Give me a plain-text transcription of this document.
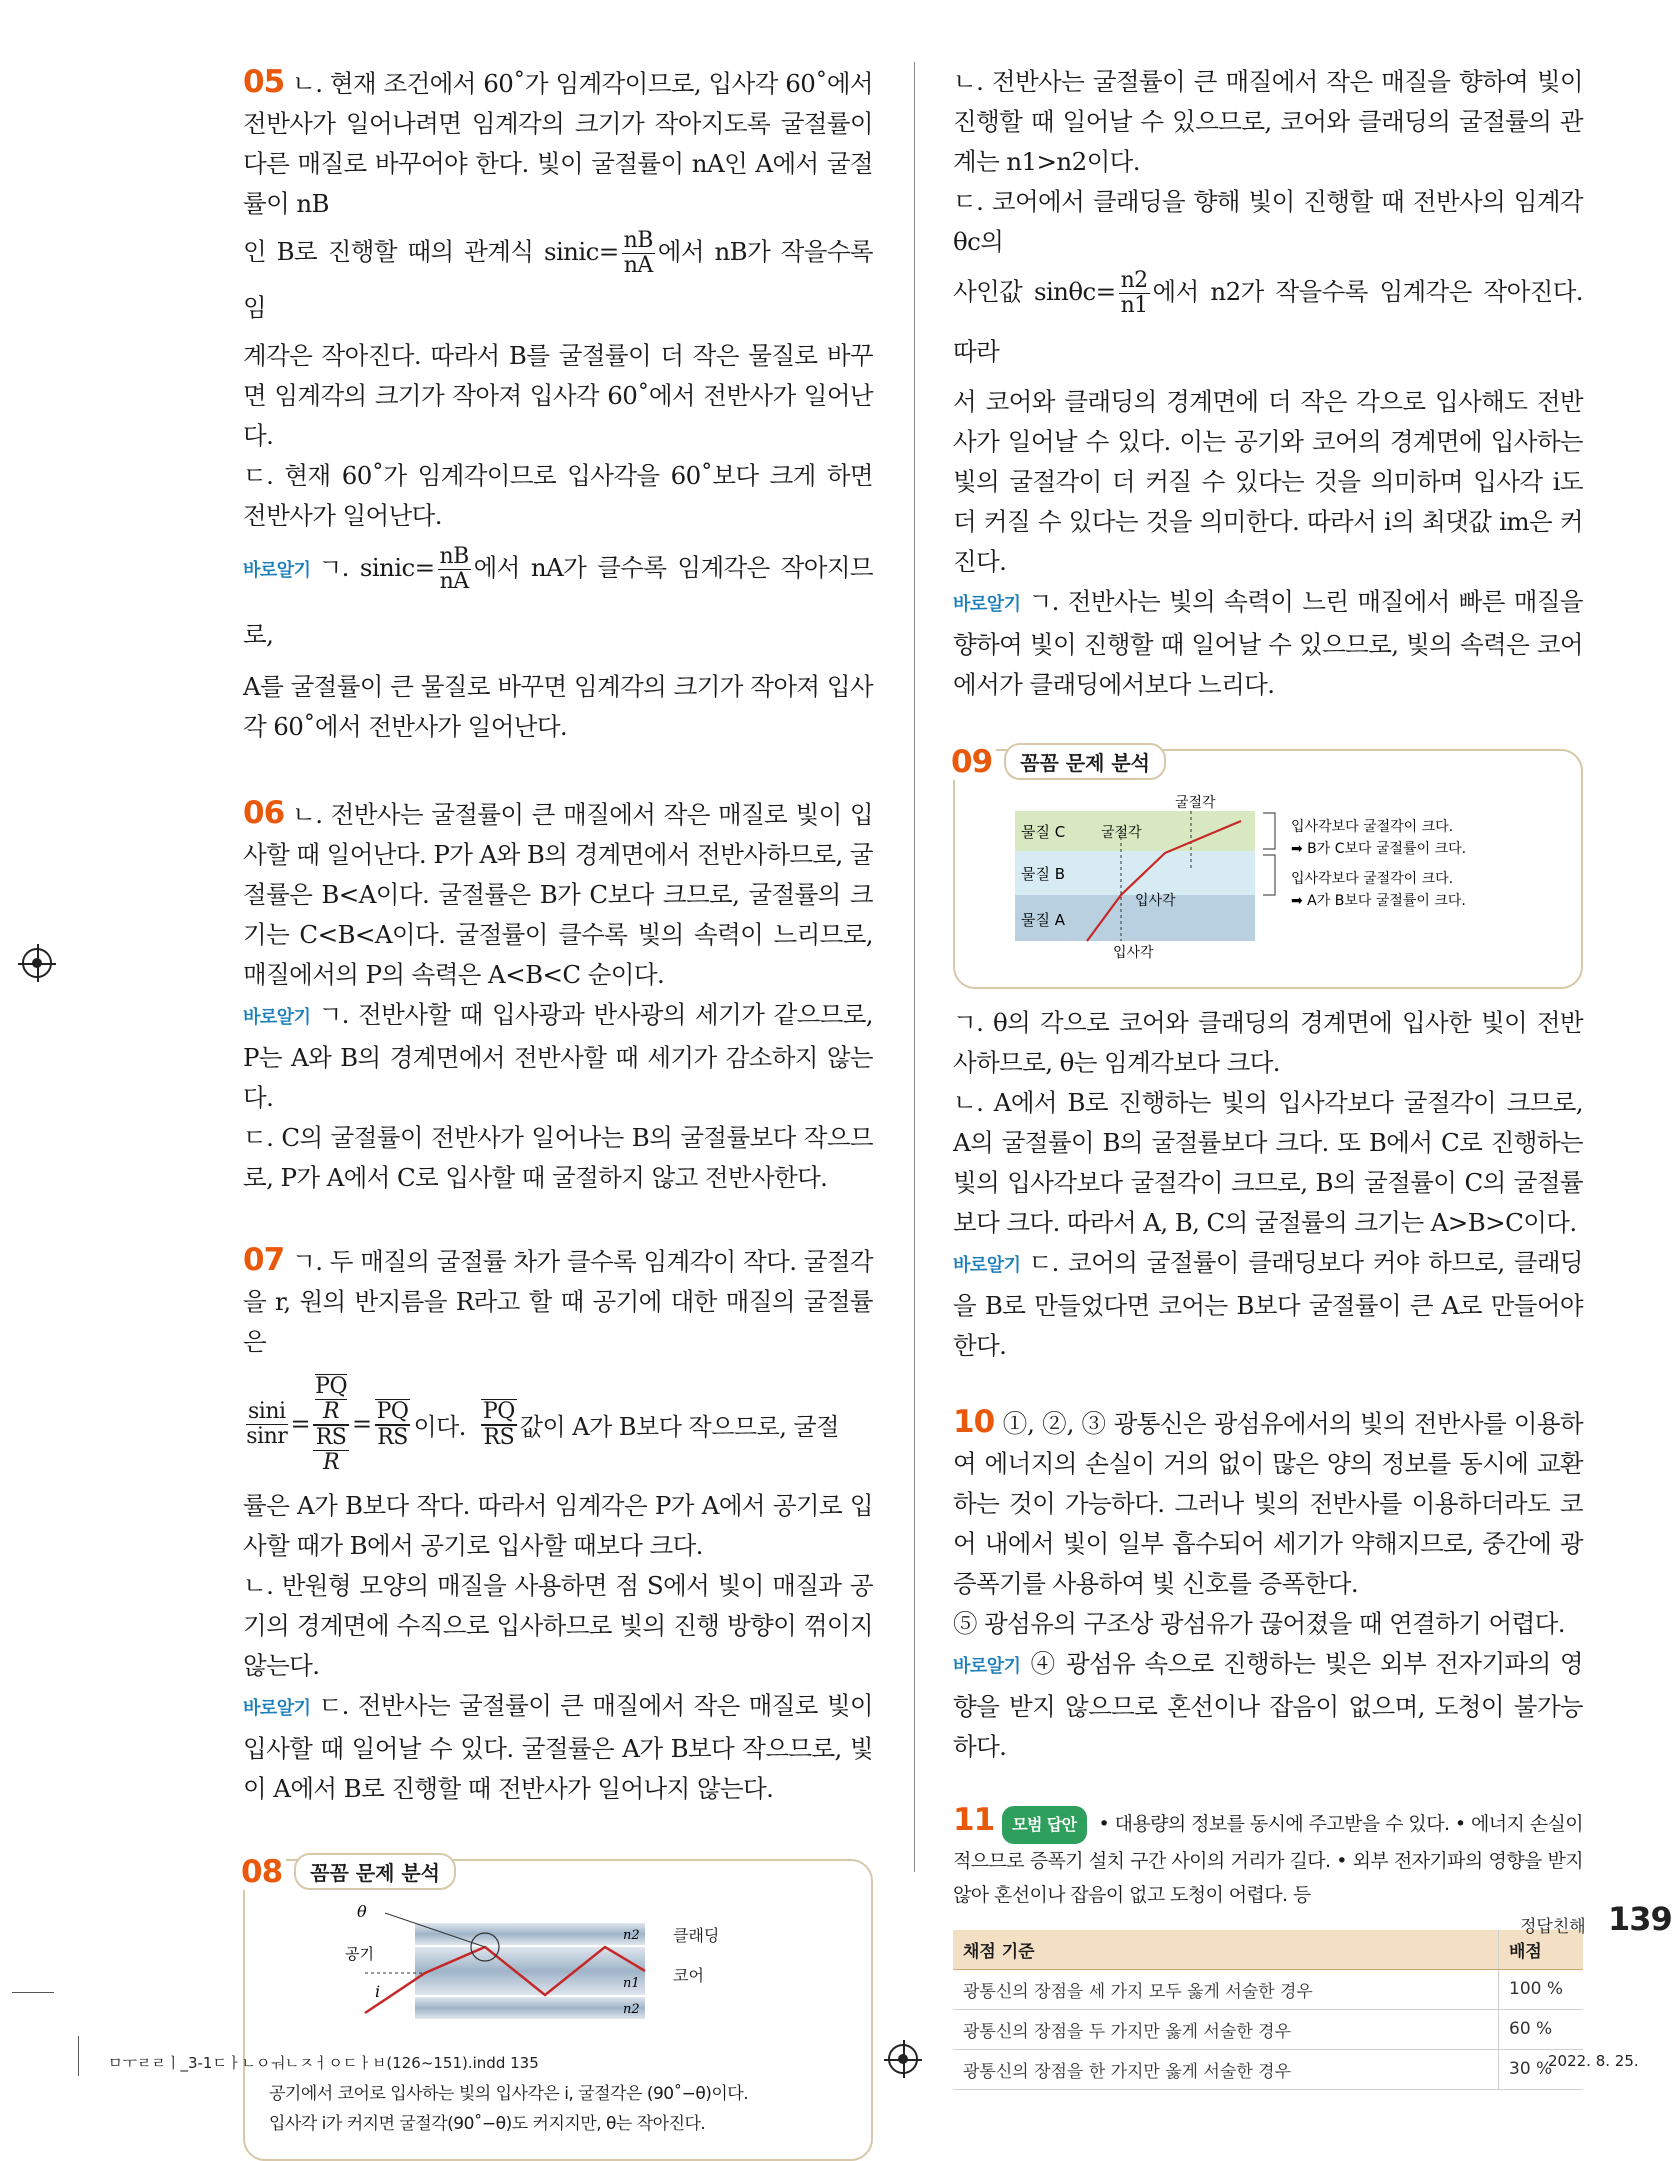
05 ㄴ. 현재 조건에서 60˚가 임계각이므로, 입사각 60˚에서 전반사가 일어나려면 임계각의 크기가 작아지도록 굴절률이 다른 매질로 바꾸어야 한다. 빛이 굴절률이 nA인 A에서 굴절률이 nB

인 B로 진행할 때의 관계식 sinic= $\frac{nB}{nA}$ 에서 nB가 작을수록 임

계각은 작아진다. 따라서 B를 굴절률이 더 작은 물질로 바꾸면 임계각의 크기가 작아져 입사각 60˚에서 전반사가 일어난다.

ㄷ. 현재 60˚가 임계각이므로 입사각을 60˚보다 크게 하면 전반사가 일어난다.

바로알기 ㄱ. sinic= $\frac{nB}{nA}$ 에서 nA가 클수록 임계각은 작아지므로,

A를 굴절률이 큰 물질로 바꾸면 임계각의 크기가 작아져 입사각 60˚에서 전반사가 일어난다.

06 ㄴ. 전반사는 굴절률이 큰 매질에서 작은 매질로 빛이 입사할 때 일어난다. P가 A와 B의 경계면에서 전반사하므로, 굴절률은 B<A이다. 굴절률은 B가 C보다 크므로, 굴절률의 크기는 C<B<A이다. 굴절률이 클수록 빛의 속력이 느리므로, 매질에서의 P의 속력은 A<B<C 순이다.

바로알기 ㄱ. 전반사할 때 입사광과 반사광의 세기가 같으므로, P는 A와 B의 경계면에서 전반사할 때 세기가 감소하지 않는다.

ㄷ. C의 굴절률이 전반사가 일어나는 B의 굴절률보다 작으므로, P가 A에서 C로 입사할 때 굴절하지 않고 전반사한다.

07 ㄱ. 두 매질의 굴절률 차가 클수록 임계각이 작다. 굴절각을 r, 원의 반지름을 R라고 할 때 공기에 대한 매질의 굴절률은

$\frac{\sin i}{\sin r}$ = PQ
R
RS
$R = \frac{PQ}{RS}$ 이다.
PQ
RS 값이 A가 B보다 작으므로, 굴절

률은 A가 B보다 작다. 따라서 임계각은 P가 A에서 공기로 입사할 때가 B에서 공기로 입사할 때보다 크다.

ㄴ. 반원형 모양의 매질을 사용하면 점 S에서 빛이 매질과 공기의 경계면에 수직으로 입사하므로 빛의 진행 방향이 꺾이지 않는다.

바로알기 ㄷ. 전반사는 굴절률이 큰 매질에서 작은 매질로 빛이 입사할 때 일어날 수 있다. 굴절률은 A가 B보다 작으므로, 빛이 A에서 B로 진행할 때 전반사가 일어나지 않는다.

08	꼼꼼 문제 분석
θ
공기
i
n2
n1
n2
클래딩
코어
공기에서 코어로 입사하는 빛의 입사각은 i, 굴절각은 (90˚−θ)이다.
입사각 i가 커지면 굴절각(90˚−θ)도 커지지만, θ는 작아진다.

ㄴ. 전반사는 굴절률이 큰 매질에서 작은 매질을 향하여 빛이 진행할 때 일어날 수 있으므로, 코어와 클래딩의 굴절률의 관계는 n1>n2이다.

ㄷ. 코어에서 클래딩을 향해 빛이 진행할 때 전반사의 임계각 θc의

사인값 $\sin\theta c= \frac{n2}{n1}$ 에서 n2가 작을수록 임계각은 작아진다. 따라

서 코어와 클래딩의 경계면에 더 작은 각으로 입사해도 전반사가 일어날 수 있다. 이는 공기와 코어의 경계면에 입사하는 빛의 굴절각이 더 커질 수 있다는 것을 의미하며 입사각 i도 더 커질 수 있다는 것을 의미한다. 따라서 i의 최댓값 im은 커진다.

바로알기 ㄱ. 전반사는 빛의 속력이 느린 매질에서 빠른 매질을 향하여 빛이 진행할 때 일어날 수 있으므로, 빛의 속력은 코어에서가 클래딩에서보다 느리다.

09	꼼꼼 문제 분석
물질 C
물질 B
물질 A
굴절각
굴절각
입사각
입사각
입사각보다 굴절각이 크다.
➡ B가 C보다 굴절률이 크다.
입사각보다 굴절각이 크다.
➡ A가 B보다 굴절률이 크다.

ㄱ. θ의 각으로 코어와 클래딩의 경계면에 입사한 빛이 전반사하므로, θ는 임계각보다 크다.

ㄴ. A에서 B로 진행하는 빛의 입사각보다 굴절각이 크므로, A의 굴절률이 B의 굴절률보다 크다. 또 B에서 C로 진행하는 빛의 입사각보다 굴절각이 크므로, B의 굴절률이 C의 굴절률보다 크다. 따라서 A, B, C의 굴절률의 크기는 A>B>C이다.

바로알기 ㄷ. 코어의 굴절률이 클래딩보다 커야 하므로, 클래딩을 B로 만들었다면 코어는 B보다 굴절률이 큰 A로 만들어야 한다.

10 ①, ②, ③ 광통신은 광섬유에서의 빛의 전반사를 이용하여 에너지의 손실이 거의 없이 많은 양의 정보를 동시에 교환하는 것이 가능하다. 그러나 빛의 전반사를 이용하더라도 코어 내에서 빛이 일부 흡수되어 세기가 약해지므로, 중간에 광 증폭기를 사용하여 빛 신호를 증폭한다.

⑤ 광섬유의 구조상 광섬유가 끊어졌을 때 연결하기 어렵다.

바로알기 ④ 광섬유 속으로 진행하는 빛은 외부 전자기파의 영향을 받지 않으므로 혼선이나 잡음이 없으며, 도청이 불가능하다.

11 모범 답안 • 대용량의 정보를 동시에 주고받을 수 있다. • 에너지 손실이 적으므로 증폭기 설치 구간 사이의 거리가 길다. • 외부 전자기파의 영향을 받지 않아 혼선이나 잡음이 없고 도청이 어렵다. 등
채점 기준	배점
광통신의 장점을 세 가지 모두 옳게 서술한 경우	100 %
광통신의 장점을 두 가지만 옳게 서술한 경우	60 %
광통신의 장점을 한 가지만 옳게 서술한 경우	30 %
정답친해 139
ㅁㅜㄹㄹㅣ_3-1ㄷㅏㄴㅇㅝㄴㅈㅓㅇㄷㅏㅂ(126~151).indd 135	2022. 8. 25.
